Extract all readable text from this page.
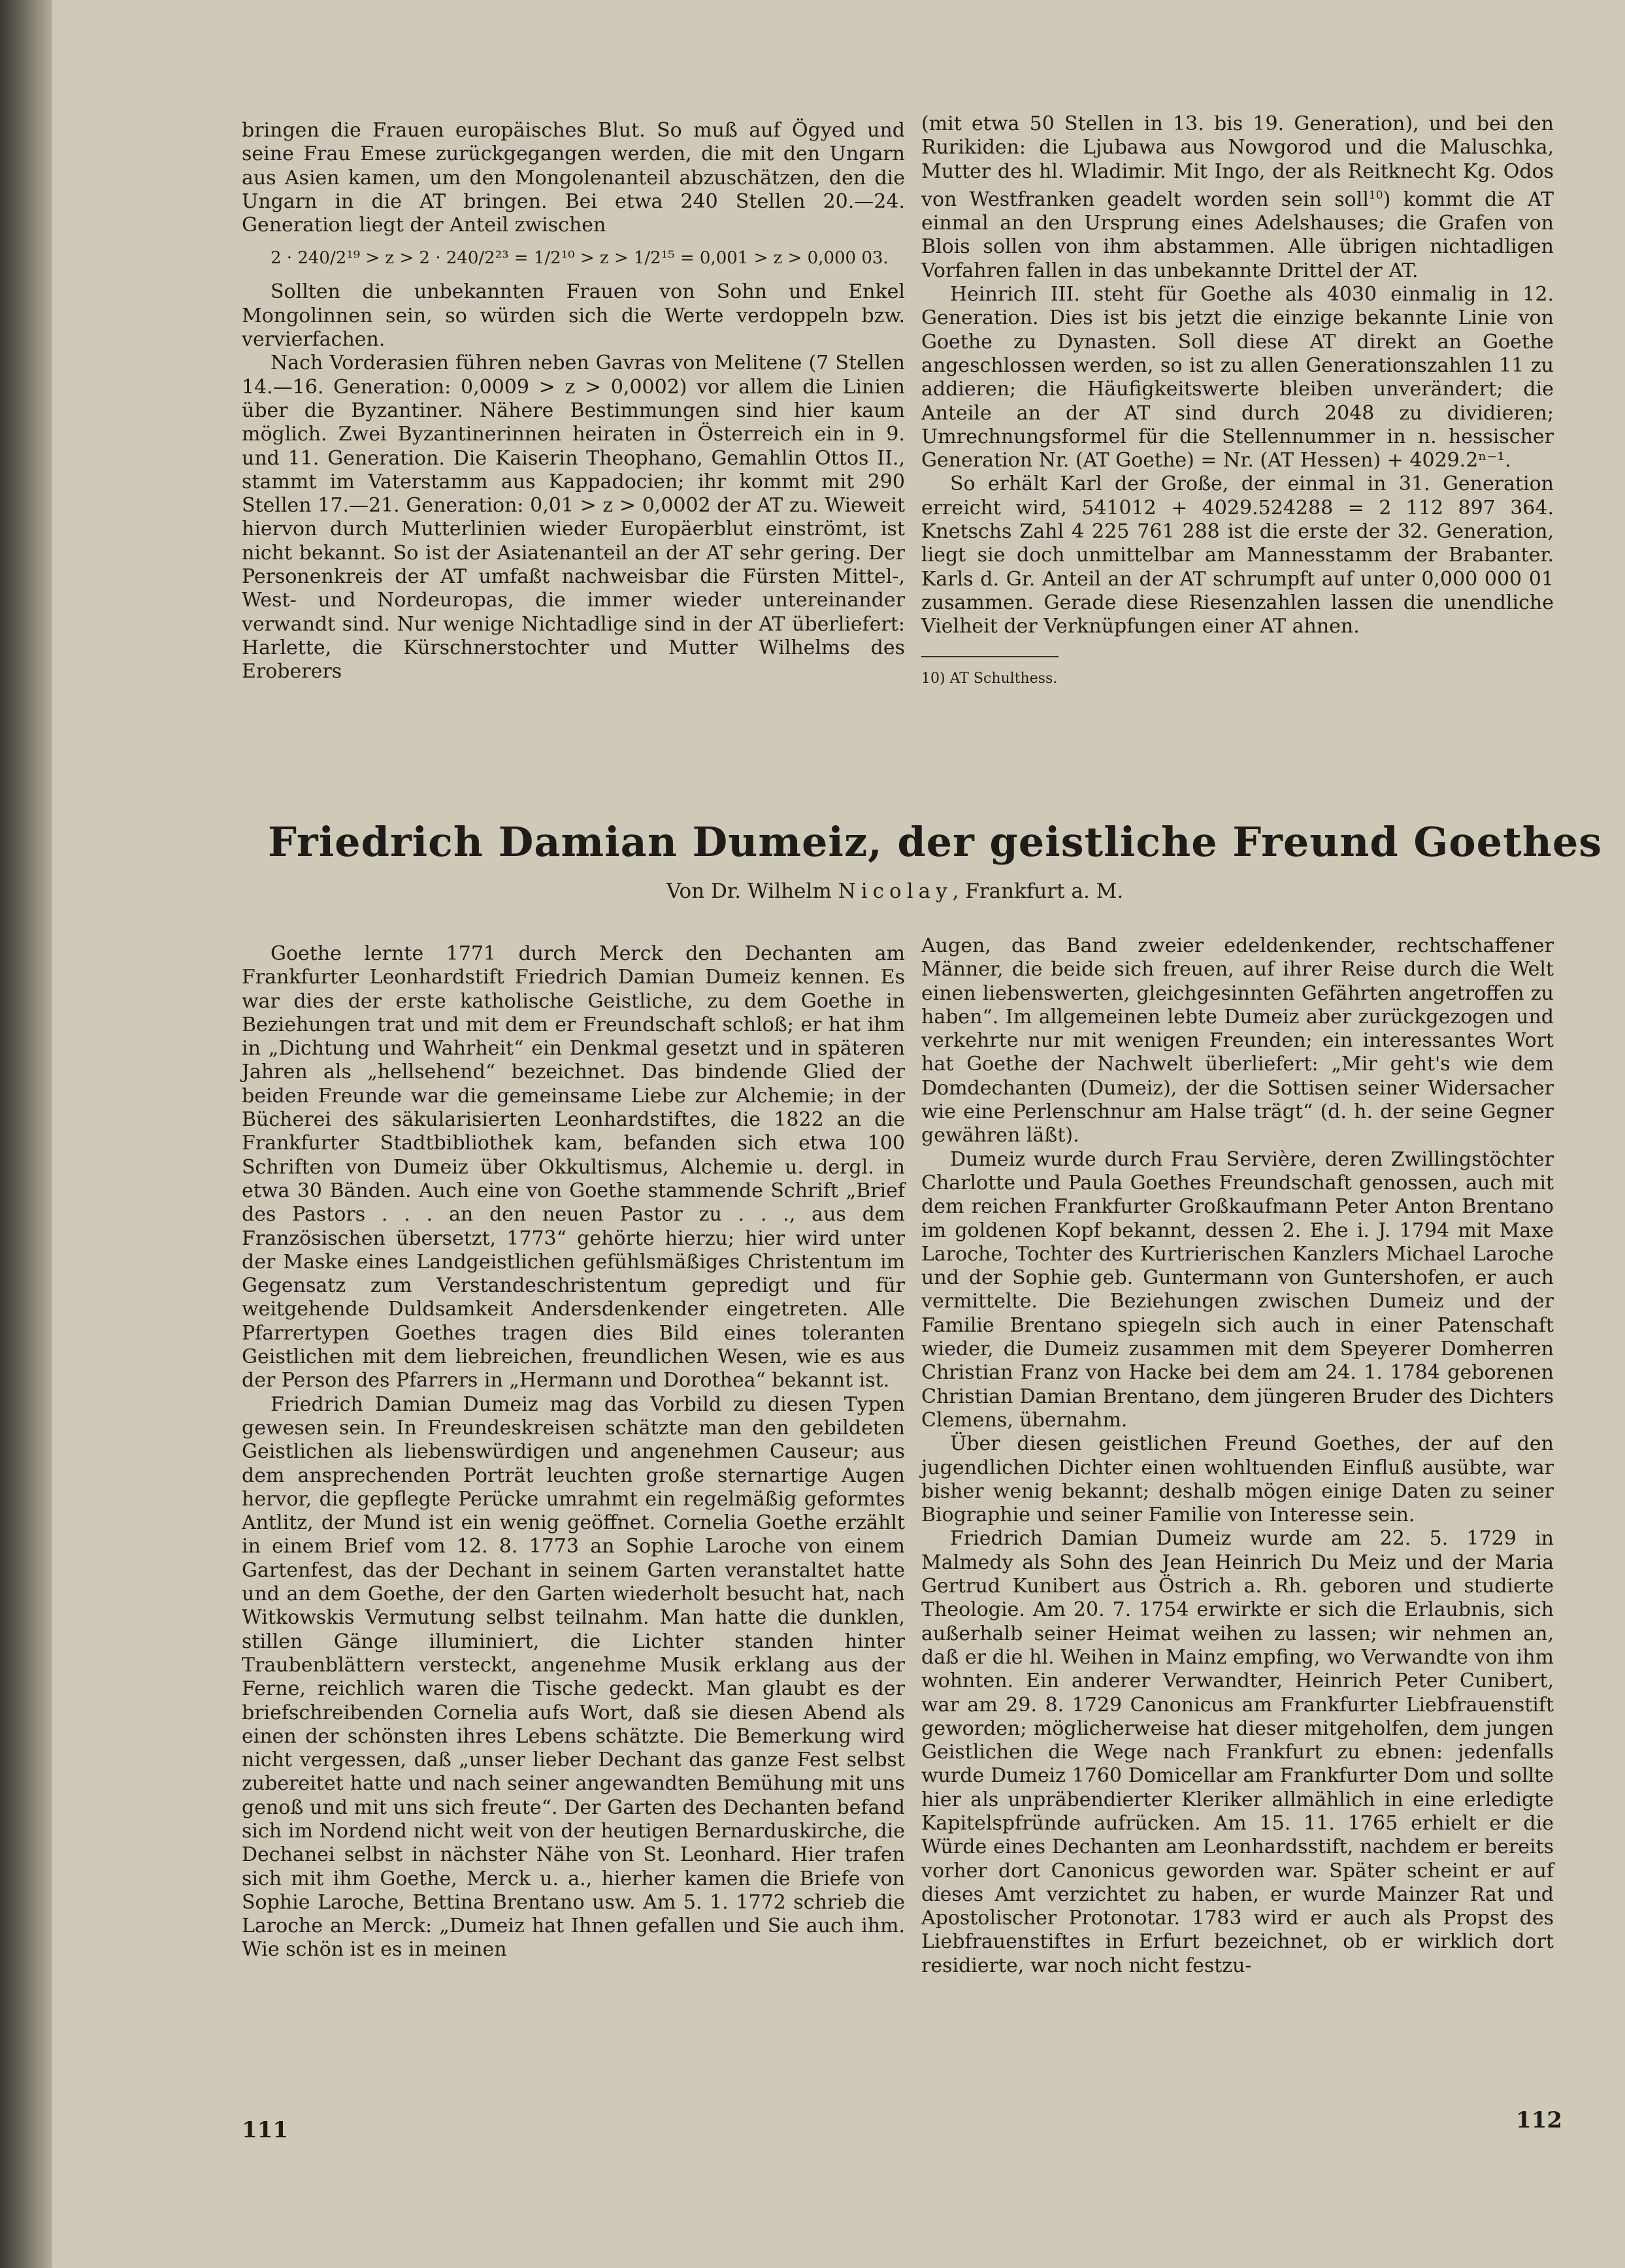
bringen die Frauen europäisches Blut. So muß auf Ögyed und seine Frau Emese zurückgegangen werden, die mit den Ungarn aus Asien kamen, um den Mongolenanteil abzuschätzen, den die Ungarn in die AT bringen. Bei etwa 240 Stellen 20.—24. Generation liegt der Anteil zwischen

2 · 240/2¹⁹ > z > 2 · 240/2²³ = 1/2¹⁰ > z > 1/2¹⁵ = 0,001 > z > 0,000 03.

Sollten die unbekannten Frauen von Sohn und Enkel Mongolinnen sein, so würden sich die Werte verdoppeln bzw. vervierfachen.

Nach Vorderasien führen neben Gavras von Melitene (7 Stellen 14.—16. Generation: 0,0009 > z > 0,0002) vor allem die Linien über die Byzantiner. Nähere Bestimmungen sind hier kaum möglich. Zwei Byzantinerinnen heiraten in Österreich ein in 9. und 11. Generation. Die Kaiserin Theophano, Gemahlin Ottos II., stammt im Vaterstamm aus Kappadocien; ihr kommt mit 290 Stellen 17.—21. Generation: 0,01 > z > 0,0002 der AT zu. Wieweit hiervon durch Mutterlinien wieder Europäerblut einströmt, ist nicht bekannt. So ist der Asiatenanteil an der AT sehr gering. Der Personenkreis der AT umfaßt nachweisbar die Fürsten Mittel-, West- und Nordeuropas, die immer wieder untereinander verwandt sind. Nur wenige Nichtadlige sind in der AT überliefert: Harlette, die Kürschnerstochter und Mutter Wilhelms des Eroberers

(mit etwa 50 Stellen in 13. bis 19. Generation), und bei den Rurikiden: die Ljubawa aus Nowgorod und die Maluschka, Mutter des hl. Wladimir. Mit Ingo, der als Reitknecht Kg. Odos von Westfranken geadelt worden sein soll$^{10}$) kommt die AT einmal an den Ursprung eines Adelshauses; die Grafen von Blois sollen von ihm abstammen. Alle übrigen nichtadligen Vorfahren fallen in das unbekannte Drittel der AT.

Heinrich III. steht für Goethe als 4030 einmalig in 12. Generation. Dies ist bis jetzt die einzige bekannte Linie von Goethe zu Dynasten. Soll diese AT direkt an Goethe angeschlossen werden, so ist zu allen Generationszahlen 11 zu addieren; die Häufigkeitswerte bleiben unverändert; die Anteile an der AT sind durch 2048 zu dividieren; Umrechnungsformel für die Stellennummer in n. hessischer Generation Nr. (AT Goethe) = Nr. (AT Hessen) + 4029.2ⁿ⁻¹.

So erhält Karl der Große, der einmal in 31. Generation erreicht wird, 541012 + 4029.524288 = 2 112 897 364. Knetschs Zahl 4 225 761 288 ist die erste der 32. Generation, liegt sie doch unmittelbar am Mannesstamm der Brabanter. Karls d. Gr. Anteil an der AT schrumpft auf unter 0,000 000 01 zusammen. Gerade diese Riesenzahlen lassen die unendliche Vielheit der Verknüpfungen einer AT ahnen.

10) AT Schulthess.
Friedrich Damian Dumeiz, der geistliche Freund Goethes
Von Dr. Wilhelm Nicolay, Frankfurt a. M.

Goethe lernte 1771 durch Merck den Dechanten am Frankfurter Leonhardstift Friedrich Damian Dumeiz kennen. Es war dies der erste katholische Geistliche, zu dem Goethe in Beziehungen trat und mit dem er Freundschaft schloß; er hat ihm in „Dichtung und Wahrheit“ ein Denkmal gesetzt und in späteren Jahren als „hellsehend“ bezeichnet. Das bindende Glied der beiden Freunde war die gemeinsame Liebe zur Alchemie; in der Bücherei des säkularisierten Leonhardstiftes, die 1822 an die Frankfurter Stadtbibliothek kam, befanden sich etwa 100 Schriften von Dumeiz über Okkultismus, Alchemie u. dergl. in etwa 30 Bänden. Auch eine von Goethe stammende Schrift „Brief des Pastors . . . an den neuen Pastor zu . . ., aus dem Französischen übersetzt, 1773“ gehörte hierzu; hier wird unter der Maske eines Landgeistlichen gefühlsmäßiges Christentum im Gegensatz zum Verstandeschristentum gepredigt und für weitgehende Duldsamkeit Andersdenkender eingetreten. Alle Pfarrertypen Goethes tragen dies Bild eines toleranten Geistlichen mit dem liebreichen, freundlichen Wesen, wie es aus der Person des Pfarrers in „Hermann und Dorothea“ bekannt ist.

Friedrich Damian Dumeiz mag das Vorbild zu diesen Typen gewesen sein. In Freundeskreisen schätzte man den gebildeten Geistlichen als liebenswürdigen und angenehmen Causeur; aus dem ansprechenden Porträt leuchten große sternartige Augen hervor, die gepflegte Perücke umrahmt ein regelmäßig geformtes Antlitz, der Mund ist ein wenig geöffnet. Cornelia Goethe erzählt in einem Brief vom 12. 8. 1773 an Sophie Laroche von einem Gartenfest, das der Dechant in seinem Garten veranstaltet hatte und an dem Goethe, der den Garten wiederholt besucht hat, nach Witkowskis Vermutung selbst teilnahm. Man hatte die dunklen, stillen Gänge illuminiert, die Lichter standen hinter Traubenblättern versteckt, angenehme Musik erklang aus der Ferne, reichlich waren die Tische gedeckt. Man glaubt es der briefschreibenden Cornelia aufs Wort, daß sie diesen Abend als einen der schönsten ihres Lebens schätzte. Die Bemerkung wird nicht vergessen, daß „unser lieber Dechant das ganze Fest selbst zubereitet hatte und nach seiner angewandten Bemühung mit uns genoß und mit uns sich freute“. Der Garten des Dechanten befand sich im Nordend nicht weit von der heutigen Bernarduskirche, die Dechanei selbst in nächster Nähe von St. Leonhard. Hier trafen sich mit ihm Goethe, Merck u. a., hierher kamen die Briefe von Sophie Laroche, Bettina Brentano usw. Am 5. 1. 1772 schrieb die Laroche an Merck: „Dumeiz hat Ihnen gefallen und Sie auch ihm. Wie schön ist es in meinen

Augen, das Band zweier edeldenkender, rechtschaffener Männer, die beide sich freuen, auf ihrer Reise durch die Welt einen liebenswerten, gleichgesinnten Gefährten angetroffen zu haben“. Im allgemeinen lebte Dumeiz aber zurückgezogen und verkehrte nur mit wenigen Freunden; ein interessantes Wort hat Goethe der Nachwelt überliefert: „Mir geht's wie dem Domdechanten (Dumeiz), der die Sottisen seiner Widersacher wie eine Perlenschnur am Halse trägt“ (d. h. der seine Gegner gewähren läßt).

Dumeiz wurde durch Frau Servière, deren Zwillingstöchter Charlotte und Paula Goethes Freundschaft genossen, auch mit dem reichen Frankfurter Großkaufmann Peter Anton Brentano im goldenen Kopf bekannt, dessen 2. Ehe i. J. 1794 mit Maxe Laroche, Tochter des Kurtrierischen Kanzlers Michael Laroche und der Sophie geb. Guntermann von Guntershofen, er auch vermittelte. Die Beziehungen zwischen Dumeiz und der Familie Brentano spiegeln sich auch in einer Patenschaft wieder, die Dumeiz zusammen mit dem Speyerer Domherren Christian Franz von Hacke bei dem am 24. 1. 1784 geborenen Christian Damian Brentano, dem jüngeren Bruder des Dichters Clemens, übernahm.

Über diesen geistlichen Freund Goethes, der auf den jugendlichen Dichter einen wohltuenden Einfluß ausübte, war bisher wenig bekannt; deshalb mögen einige Daten zu seiner Biographie und seiner Familie von Interesse sein.

Friedrich Damian Dumeiz wurde am 22. 5. 1729 in Malmedy als Sohn des Jean Heinrich Du Meiz und der Maria Gertrud Kunibert aus Östrich a. Rh. geboren und studierte Theologie. Am 20. 7. 1754 erwirkte er sich die Erlaubnis, sich außerhalb seiner Heimat weihen zu lassen; wir nehmen an, daß er die hl. Weihen in Mainz empfing, wo Verwandte von ihm wohnten. Ein anderer Verwandter, Heinrich Peter Cunibert, war am 29. 8. 1729 Canonicus am Frankfurter Liebfrauenstift geworden; möglicherweise hat dieser mitgeholfen, dem jungen Geistlichen die Wege nach Frankfurt zu ebnen: jedenfalls wurde Dumeiz 1760 Domicellar am Frankfurter Dom und sollte hier als unpräbendierter Kleriker allmählich in eine erledigte Kapitelspfründe aufrücken. Am 15. 11. 1765 erhielt er die Würde eines Dechanten am Leonhardsstift, nachdem er bereits vorher dort Canonicus geworden war. Später scheint er auf dieses Amt verzichtet zu haben, er wurde Mainzer Rat und Apostolischer Protonotar. 1783 wird er auch als Propst des Liebfrauenstiftes in Erfurt bezeichnet, ob er wirklich dort residierte, war noch nicht festzu-

111	112
